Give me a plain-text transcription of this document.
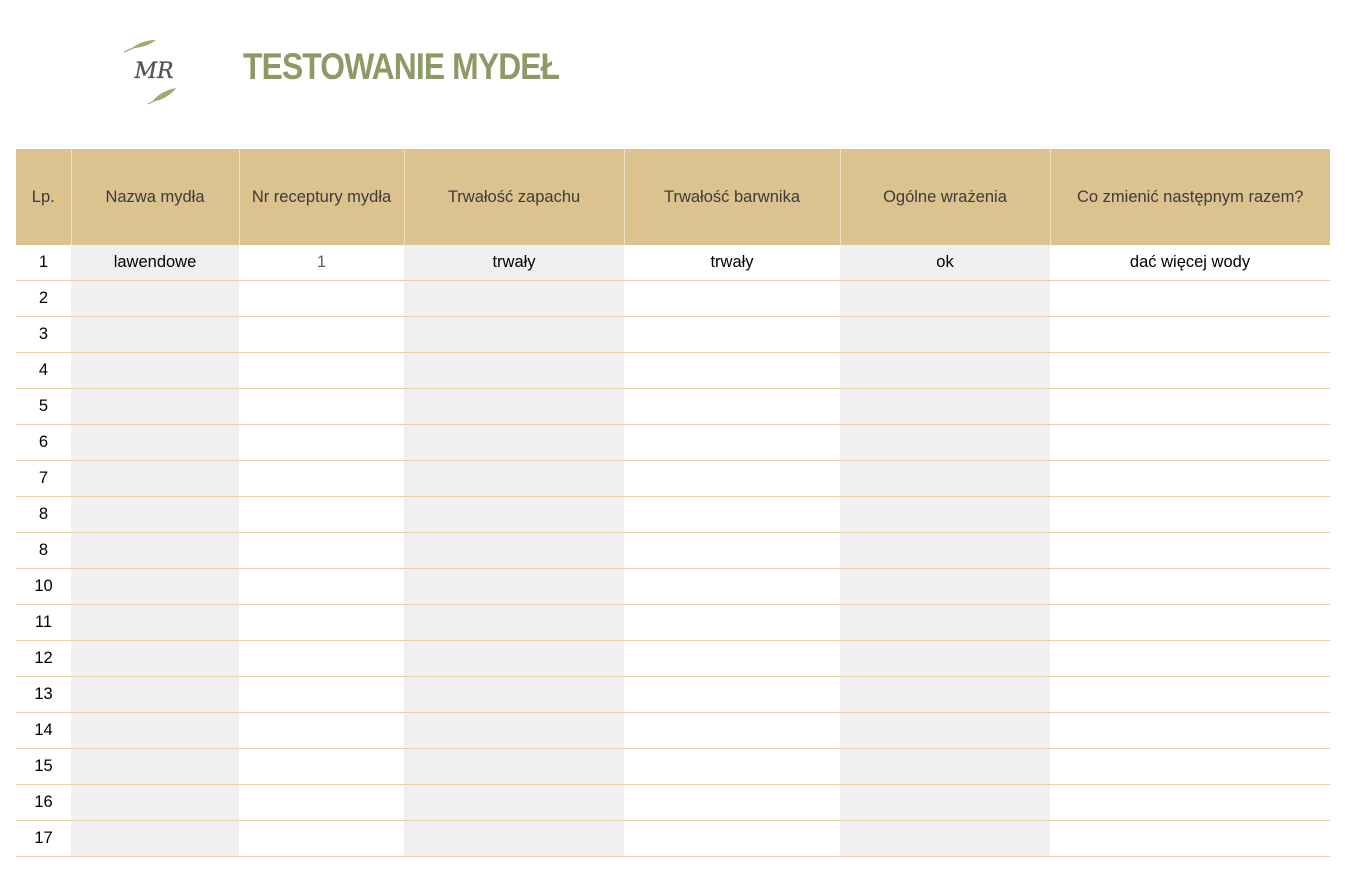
MR TESTOWANIE MYDEŁ
Lp.	Nazwa mydła	Nr receptury mydła	Trwałość zapachu	Trwałość barwnika	Ogólne wrażenia	Co zmienić następnym razem?
1	lawendowe	1	trwały	trwały	ok	dać więcej wody
2						
3						
4						
5						
6						
7						
8						
8						
10						
11						
12						
13						
14						
15						
16						
17						
